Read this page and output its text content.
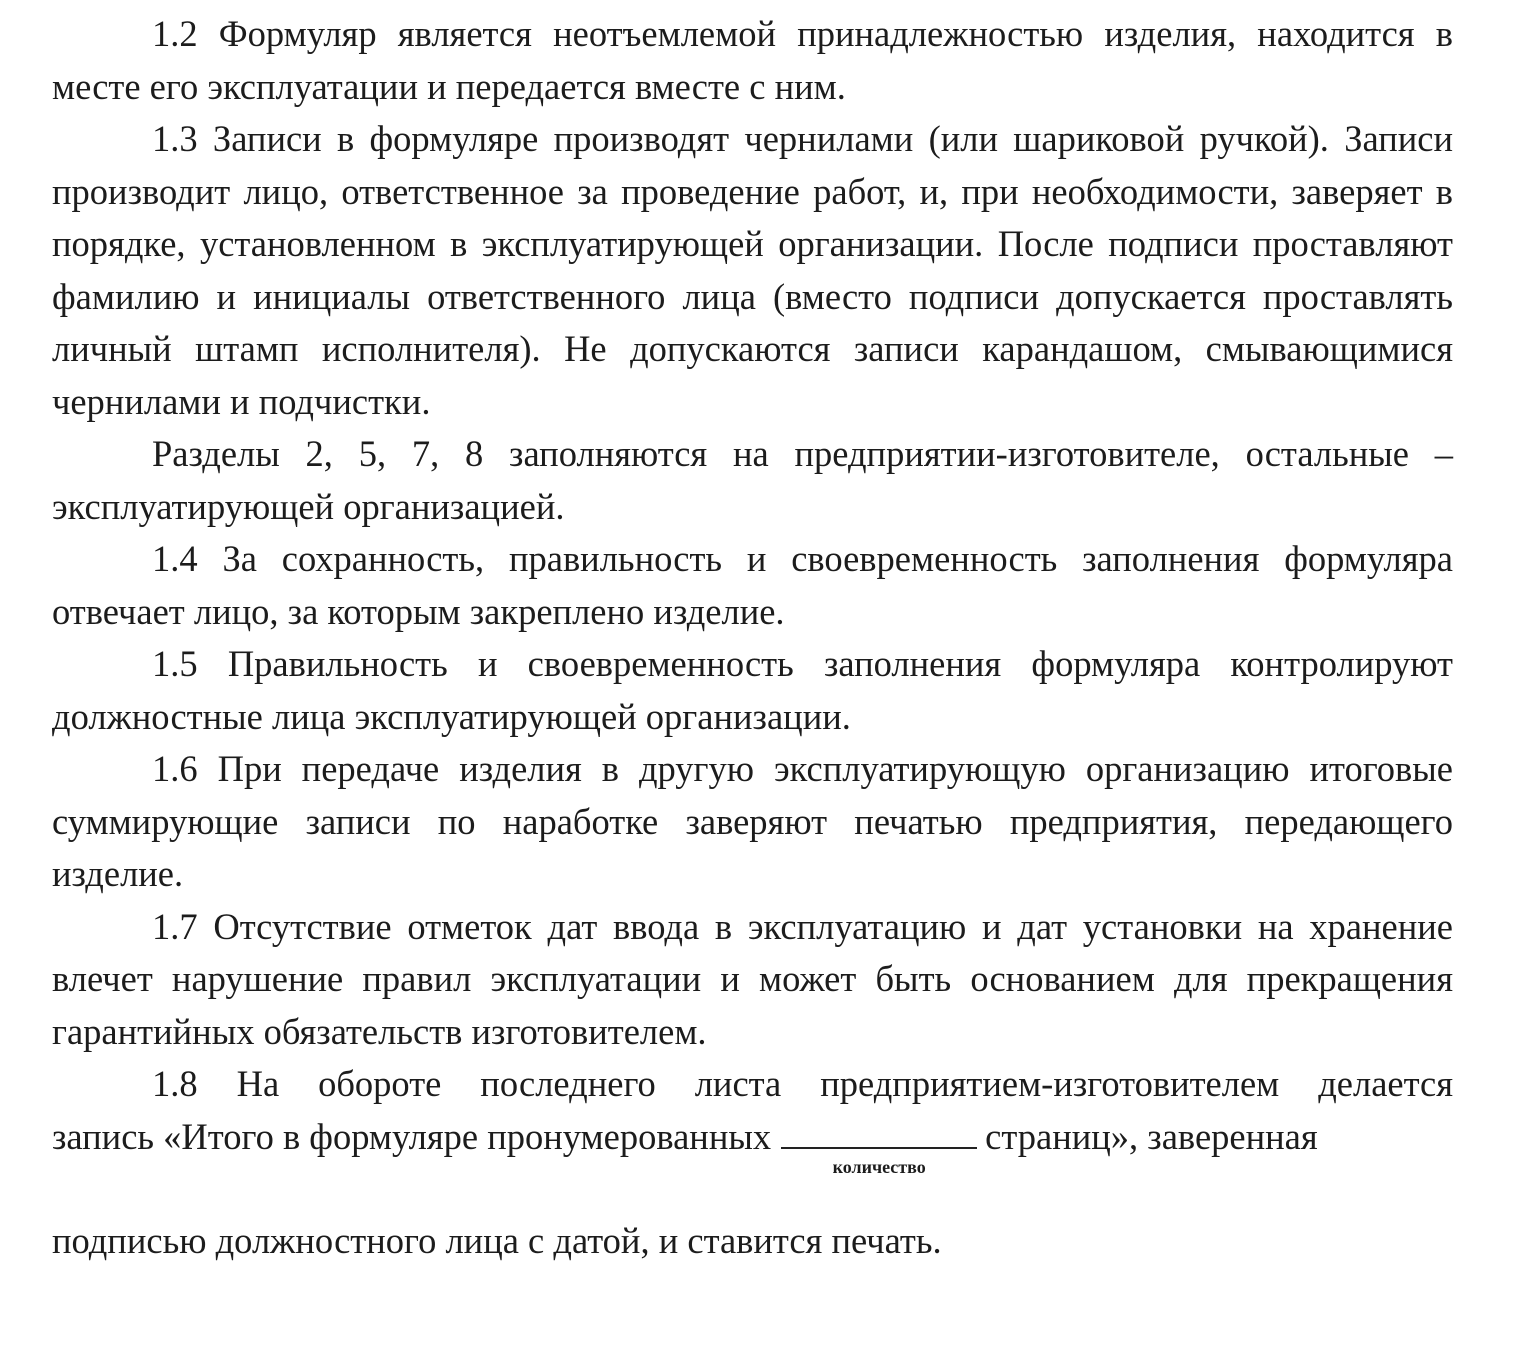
1.2 Формуляр является неотъемлемой принадлежностью изделия, находится в месте его эксплуатации и передается вместе с ним.

1.3 Записи в формуляре производят чернилами (или шариковой ручкой). Записи производит лицо, ответственное за проведение работ, и, при необходимости, заверяет в порядке, установленном в эксплуатирующей организации. После подписи проставляют фамилию и инициалы ответственного лица (вместо подписи допускается проставлять личный штамп исполнителя). Не допускаются записи карандашом, смывающимися чернилами и подчистки.

Разделы 2, 5, 7, 8 заполняются на предприятии-изготовителе, остальные – эксплуатирующей организацией.

1.4 За сохранность, правильность и своевременность заполнения формуляра отвечает лицо, за которым закреплено изделие.

1.5 Правильность и своевременность заполнения формуляра контролируют должностные лица эксплуатирующей организации.

1.6 При передаче изделия в другую эксплуатирующую организацию итоговые суммирующие записи по наработке заверяют печатью предприятия, передающего изделие.

1.7 Отсутствие отметок дат ввода в эксплуатацию и дат установки на хранение влечет нарушение правил эксплуатации и может быть основанием для прекращения гарантийных обязательств изготовителем.

1.8 На обороте последнего листа предприятием-изготовителем делается
запись «Итого в формуляре пронумерованных
количество
страниц», заверенная
подписью должностного лица с датой, и ставится печать.
